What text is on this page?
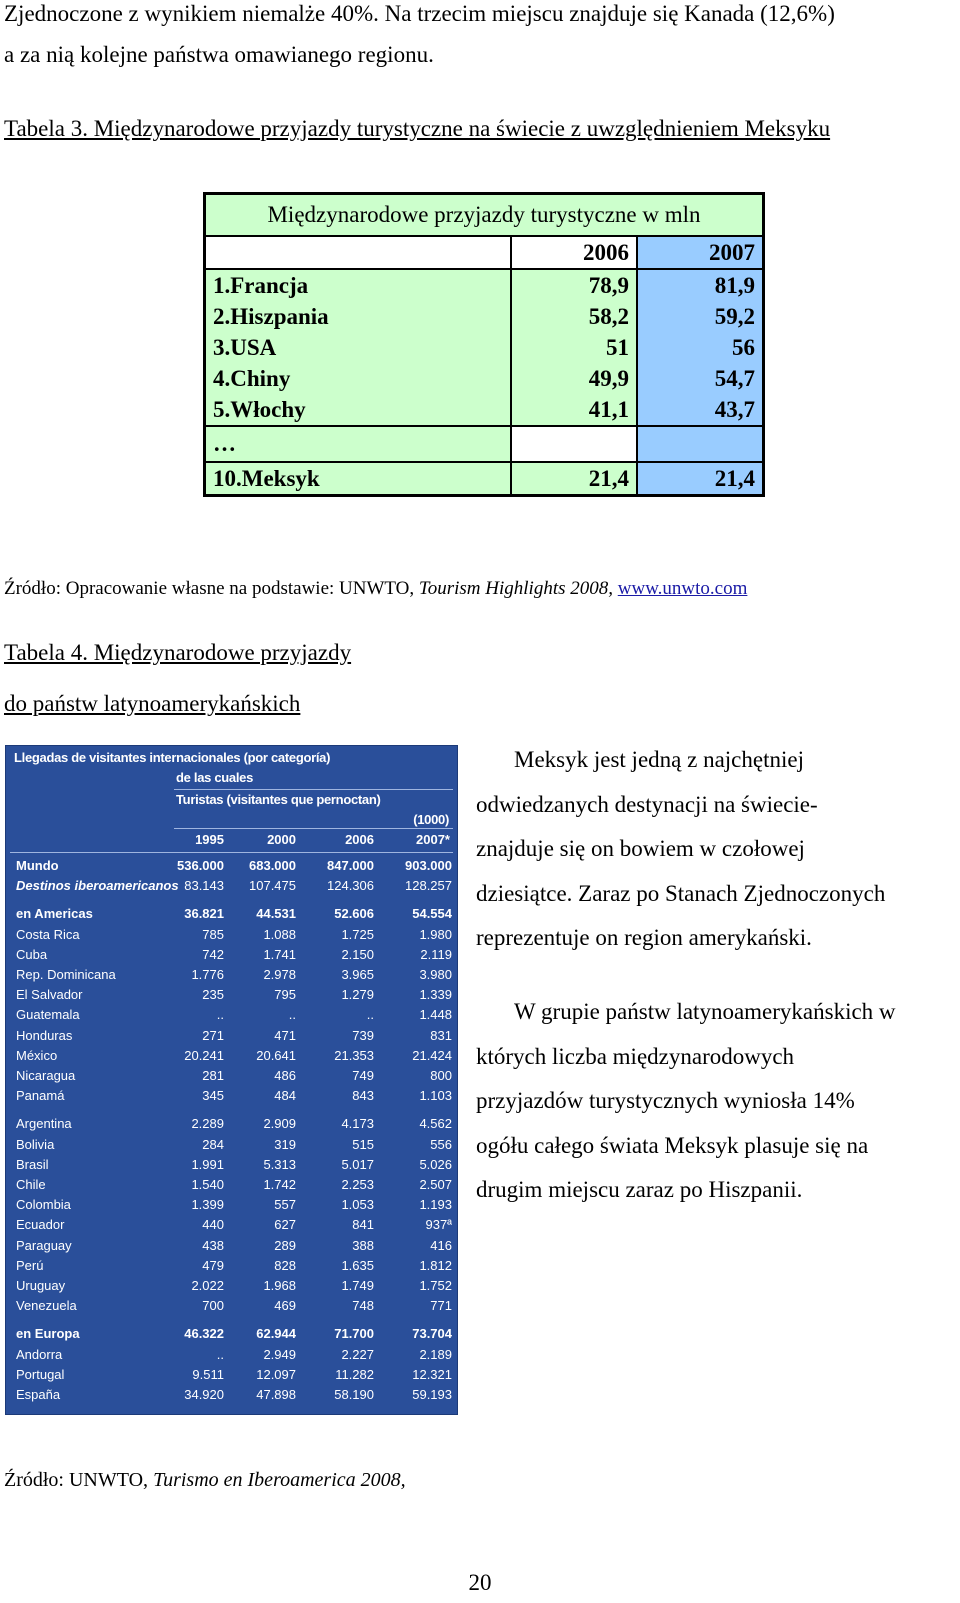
Zjednoczone z wynikiem niemalże 40%. Na trzecim miejscu znajduje się Kanada (12,6%)
a za nią kolejne państwa omawianego regionu.
Tabela 3. Międzynarodowe przyjazdy turystyczne na świecie z uwzględnieniem Meksyku
Międzynarodowe przyjazdy turystyczne w mln		
	2006	2007
1.Francja	78,9	81,9
2.Hiszpania	58,2	59,2
3.USA	51	56
4.Chiny	49,9	54,7
5.Włochy	41,1	43,7
…		
10.Meksyk	21,4	21,4
Źródło: Opracowanie własne na podstawie: UNWTO, Tourism Highlights 2008, www.unwto.com
Tabela 4. Międzynarodowe przyjazdy
do państw latynoamerykańskich
Llegadas de visitantes internacionales (por categoría)
de las cuales
Turistas (visitantes que pernoctan)
(1000)
1995	2000	2006	2007*
Mundo	536.000	683.000	847.000	903.000
Destinos iberoamericanos 83.143	107.475	124.306	128.257
en Americas	36.821	44.531	52.606	54.554
Costa Rica	785	1.088	1.725	1.980
Cuba	742	1.741	2.150	2.119
Rep. Dominicana	1.776	2.978	3.965	3.980
El Salvador	235	795	1.279	1.339
Guatemala	..	..	..	1.448
Honduras	271	471	739	831
México	20.241	20.641	21.353	21.424
Nicaragua	281	486	749	800
Panamá	345	484	843	1.103
Argentina	2.289	2.909	4.173	4.562
Bolivia	284	319	515	556
Brasil	1.991	5.313	5.017	5.026
Chile	1.540	1.742	2.253	2.507
Colombia	1.399	557	1.053	1.193
Ecuador	440	627	841	937ª
Paraguay	438	289	388	416
Perú	479	828	1.635	1.812
Uruguay	2.022	1.968	1.749	1.752
Venezuela	700	469	748	771
en Europa	46.322	62.944	71.700	73.704
Andorra	..	2.949	2.227	2.189
Portugal	9.511	12.097	11.282	12.321
España	34.920	47.898	58.190	59.193
Meksyk jest jedną z najchętniej
odwiedzanych destynacji na świecie-
znajduje się on bowiem w czołowej
dziesiątce. Zaraz po Stanach Zjednoczonych
reprezentuje on region amerykański.
W grupie państw latynoamerykańskich w
których liczba międzynarodowych
przyjazdów turystycznych wyniosła 14%
ogółu całego świata Meksyk plasuje się na
drugim miejscu zaraz po Hiszpanii.
Źródło: UNWTO, Turismo en Iberoamerica 2008,
20
